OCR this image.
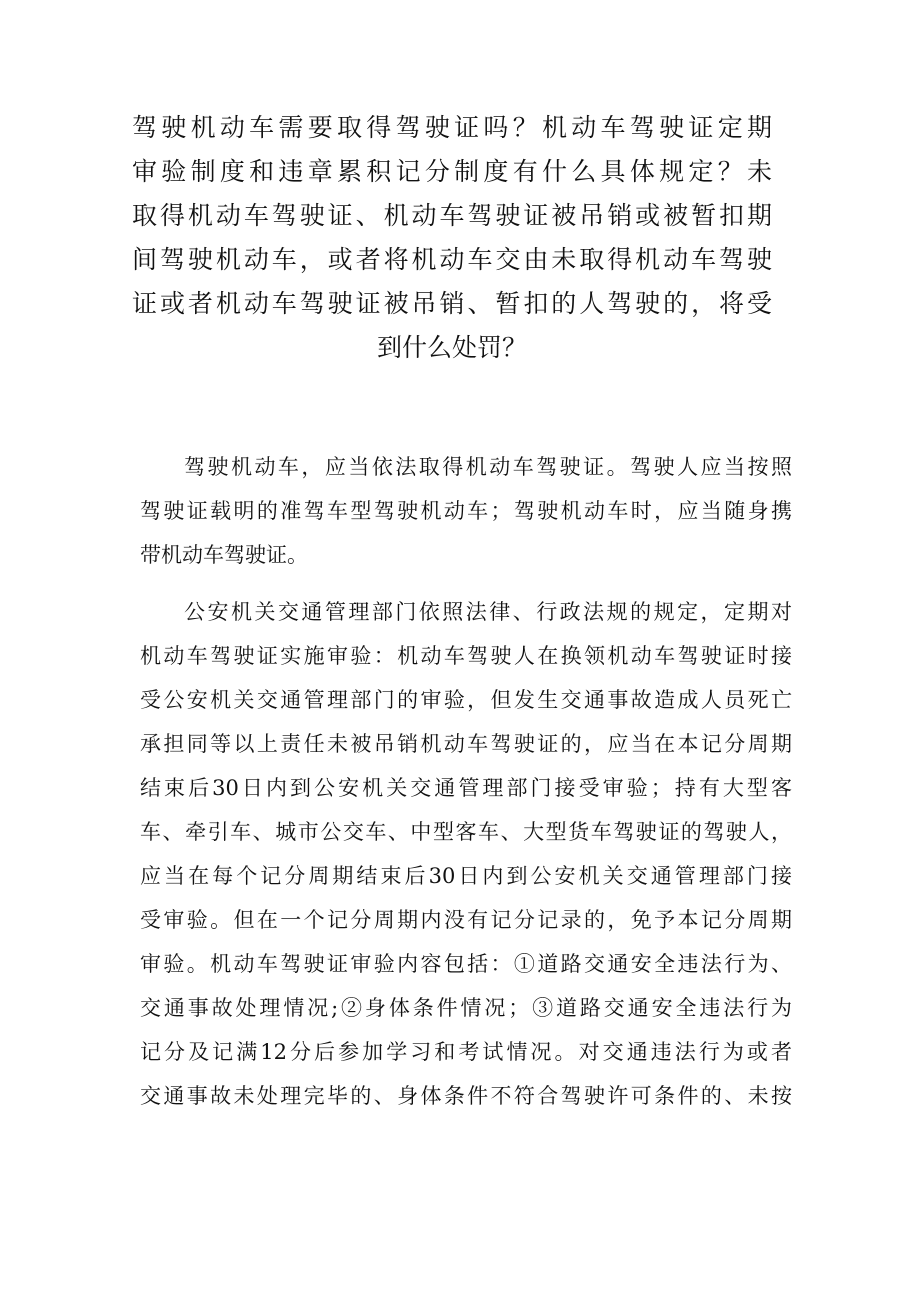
驾驶机动车需要取得驾驶证吗？机动车驾驶证定期
审验制度和违章累积记分制度有什么具体规定？未
取得机动车驾驶证、机动车驾驶证被吊销或被暂扣期
间驾驶机动车，或者将机动车交由未取得机动车驾驶
证或者机动车驾驶证被吊销、暂扣的人驾驶的，将受
到什么处罚？
驾驶机动车，应当依法取得机动车驾驶证。驾驶人应当按照
驾驶证载明的准驾车型驾驶机动车；驾驶机动车时，应当随身携
带机动车驾驶证。
公安机关交通管理部门依照法律、行政法规的规定，定期对
机动车驾驶证实施审验：机动车驾驶人在换领机动车驾驶证时接
受公安机关交通管理部门的审验，但发生交通事故造成人员死亡
承担同等以上责任未被吊销机动车驾驶证的，应当在本记分周期
结束后30日内到公安机关交通管理部门接受审验；持有大型客
车、牵引车、城市公交车、中型客车、大型货车驾驶证的驾驶人，
应当在每个记分周期结束后30日内到公安机关交通管理部门接
受审验。但在一个记分周期内没有记分记录的，免予本记分周期
审验。机动车驾驶证审验内容包括：①道路交通安全违法行为、
交通事故处理情况;②身体条件情况；③道路交通安全违法行为
记分及记满12分后参加学习和考试情况。对交通违法行为或者
交通事故未处理完毕的、身体条件不符合驾驶许可条件的、未按
